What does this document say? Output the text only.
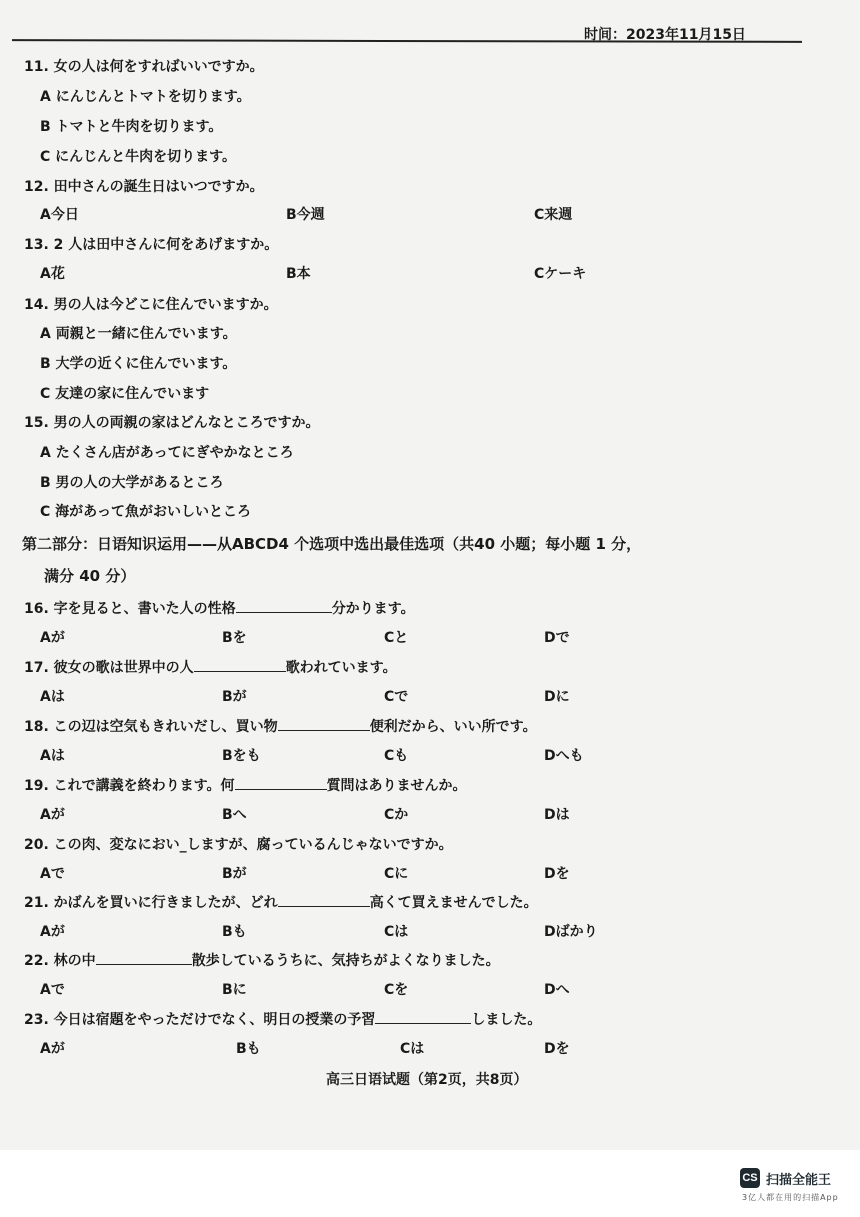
时间：2023年11月15日
11. 女の人は何をすればいいですか。
A にんじんとトマトを切ります。
B トマトと牛肉を切ります。
C にんじんと牛肉を切ります。
12. 田中さんの誕生日はいつですか。
A今日	B今週	C来週
13. 2 人は田中さんに何をあげますか。
A花	B本	Cケーキ
14. 男の人は今どこに住んでいますか。
A 両親と一緒に住んでいます。
B 大学の近くに住んでいます。
C 友達の家に住んでいます
15. 男の人の両親の家はどんなところですか。
A たくさん店があってにぎやかなところ
B 男の人の大学があるところ
C 海があって魚がおいしいところ
第二部分：日语知识运用——从ABCD4 个选项中选出最佳选项（共40 小题；每小题 1 分，
满分 40 分）
16. 字を見ると、書いた人の性格	分かります。
Aが	Bを	Cと	Dで
17. 彼女の歌は世界中の人	歌われています。
Aは	Bが	Cで	Dに
18. この辺は空気もきれいだし、買い物	便利だから、いい所です。
Aは	Bをも	Cも	Dへも
19. これで講義を終わります。何	質問はありませんか。
Aが	Bへ	Cか	Dは
20. この肉、変なにおい_しますが、腐っているんじゃないですか。
Aで	Bが	Cに	Dを
21. かばんを買いに行きましたが、どれ	高くて買えませんでした。
Aが	Bも	Cは	Dばかり
22. 林の中	散歩しているうちに、気持ちがよくなりました。
Aで	Bに	Cを	Dへ
23. 今日は宿題をやっただけでなく、明日の授業の予習	しました。
Aが	Bも	Cは	Dを
高三日语试题（第2页，共8页）
CS 扫描全能王
3亿人都在用的扫描App
